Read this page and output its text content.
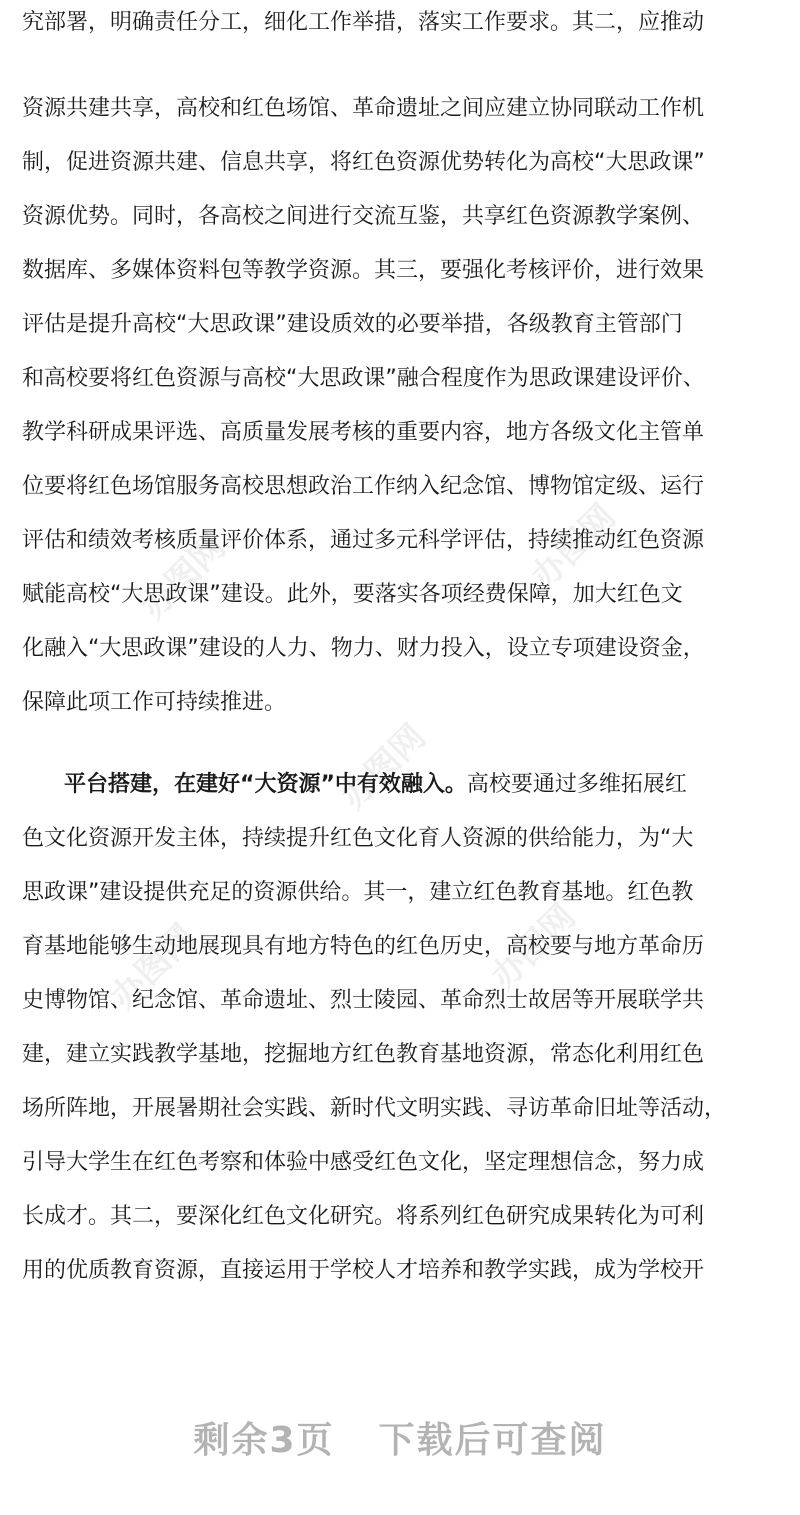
办图网	办图网
办图网
办图网	办图网
究部署，明确责任分工，细化工作举措，落实工作要求。其二，应推动
资源共建共享，高校和红色场馆、革命遗址之间应建立协同联动工作机
制，促进资源共建、信息共享，将红色资源优势转化为高校“大思政课”
资源优势。同时，各高校之间进行交流互鉴，共享红色资源教学案例、
数据库、多媒体资料包等教学资源。其三，要强化考核评价，进行效果
评估是提升高校“大思政课”建设质效的必要举措，各级教育主管部门
和高校要将红色资源与高校“大思政课”融合程度作为思政课建设评价、
教学科研成果评选、高质量发展考核的重要内容，地方各级文化主管单
位要将红色场馆服务高校思想政治工作纳入纪念馆、博物馆定级、运行
评估和绩效考核质量评价体系，通过多元科学评估，持续推动红色资源
赋能高校“大思政课”建设。此外，要落实各项经费保障，加大红色文
化融入“大思政课”建设的人力、物力、财力投入，设立专项建设资金，
保障此项工作可持续推进。
平台搭建，在建好“大资源”中有效融入。高校要通过多维拓展红
色文化资源开发主体，持续提升红色文化育人资源的供给能力，为“大
思政课”建设提供充足的资源供给。其一，建立红色教育基地。红色教
育基地能够生动地展现具有地方特色的红色历史，高校要与地方革命历
史博物馆、纪念馆、革命遗址、烈士陵园、革命烈士故居等开展联学共
建，建立实践教学基地，挖掘地方红色教育基地资源，常态化利用红色
场所阵地，开展暑期社会实践、新时代文明实践、寻访革命旧址等活动，
引导大学生在红色考察和体验中感受红色文化，坚定理想信念，努力成
长成才。其二，要深化红色文化研究。将系列红色研究成果转化为可利
用的优质教育资源，直接运用于学校人才培养和教学实践，成为学校开
剩余3页 下载后可查阅
